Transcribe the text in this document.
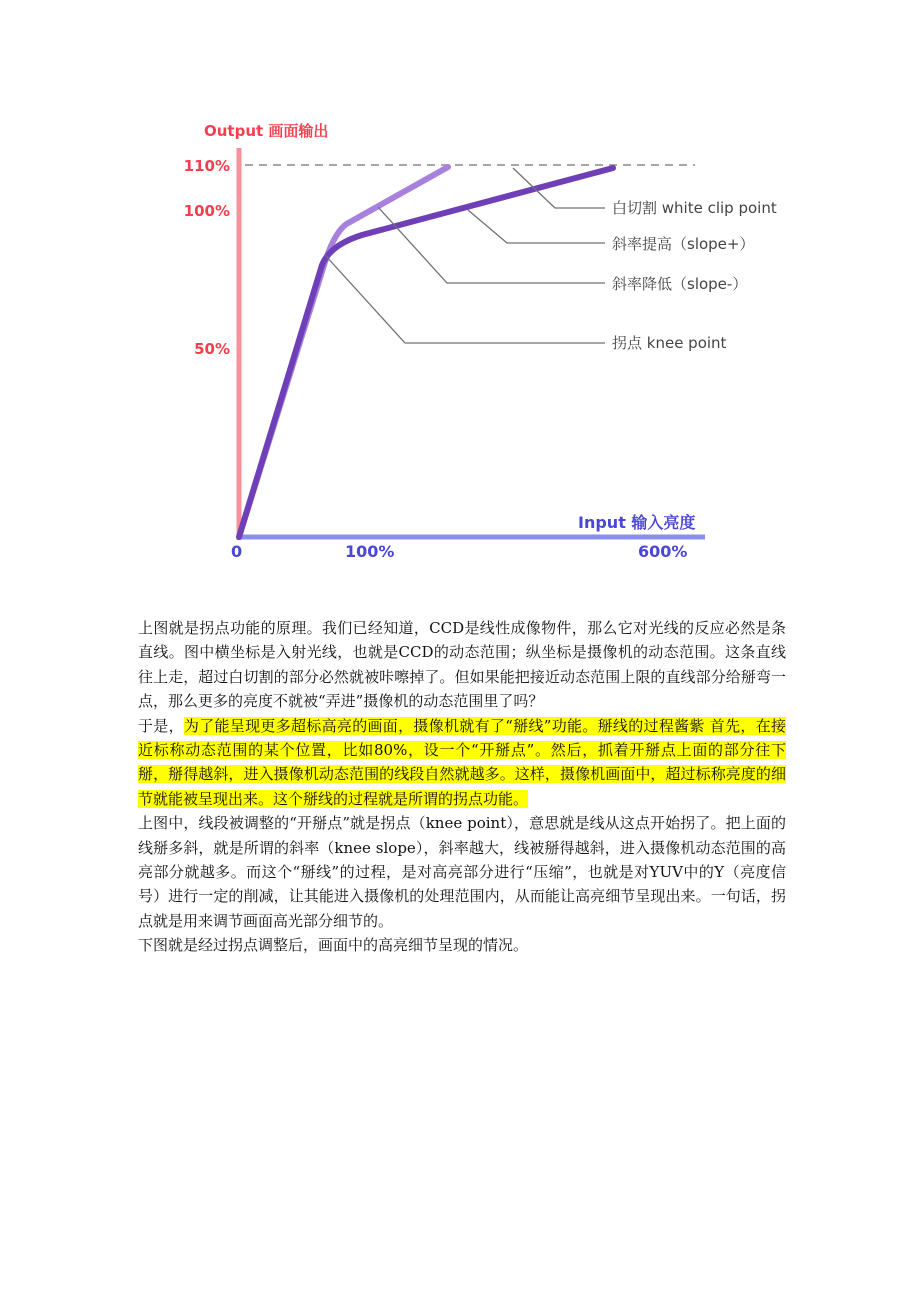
Output 画面输出
Input 输入亮度
110%
100%
50%
0	100%	600%
白切割 white clip point
斜率提高（slope+）
斜率降低（slope-）
拐点 knee point

上图就是拐点功能的原理。我们已经知道，CCD是线性成像物件，那么它对光线的反应必然是条直线。图中横坐标是入射光线，也就是CCD的动态范围；纵坐标是摄像机的动态范围。这条直线往上走，超过白切割的部分必然就被咔嚓掉了。但如果能把接近动态范围上限的直线部分给掰弯一点，那么更多的亮度不就被“弄进”摄像机的动态范围里了吗？

于是，为了能呈现更多超标高亮的画面，摄像机就有了“掰线”功能。掰线的过程酱紫 首先，在接近标称动态范围的某个位置，比如80%，设一个“开掰点”。然后，抓着开掰点上面的部分往下掰，掰得越斜，进入摄像机动态范围的线段自然就越多。这样，摄像机画面中，超过标称亮度的细节就能被呈现出来。这个掰线的过程就是所谓的拐点功能。

上图中，线段被调整的“开掰点”就是拐点（knee point），意思就是线从这点开始拐了。把上面的线掰多斜，就是所谓的斜率（knee slope），斜率越大，线被掰得越斜，进入摄像机动态范围的高亮部分就越多。而这个“掰线”的过程，是对高亮部分进行“压缩”，也就是对YUV中的Y（亮度信号）进行一定的削减，让其能进入摄像机的处理范围内，从而能让高亮细节呈现出来。一句话，拐点就是用来调节画面高光部分细节的。

下图就是经过拐点调整后，画面中的高亮细节呈现的情况。
